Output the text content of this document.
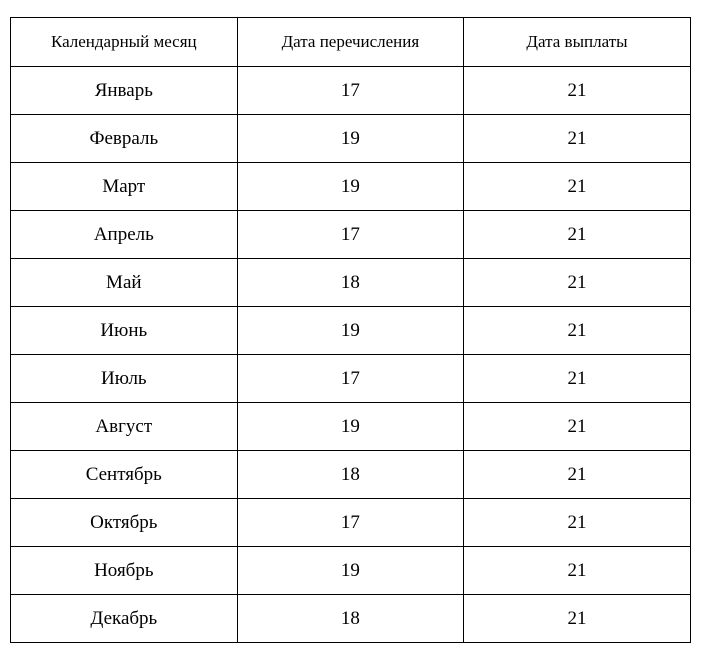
Календарный месяц	Дата перечисления	Дата выплаты
Январь	17	21
Февраль	19	21
Март	19	21
Апрель	17	21
Май	18	21
Июнь	19	21
Июль	17	21
Август	19	21
Сентябрь	18	21
Октябрь	17	21
Ноябрь	19	21
Декабрь	18	21
